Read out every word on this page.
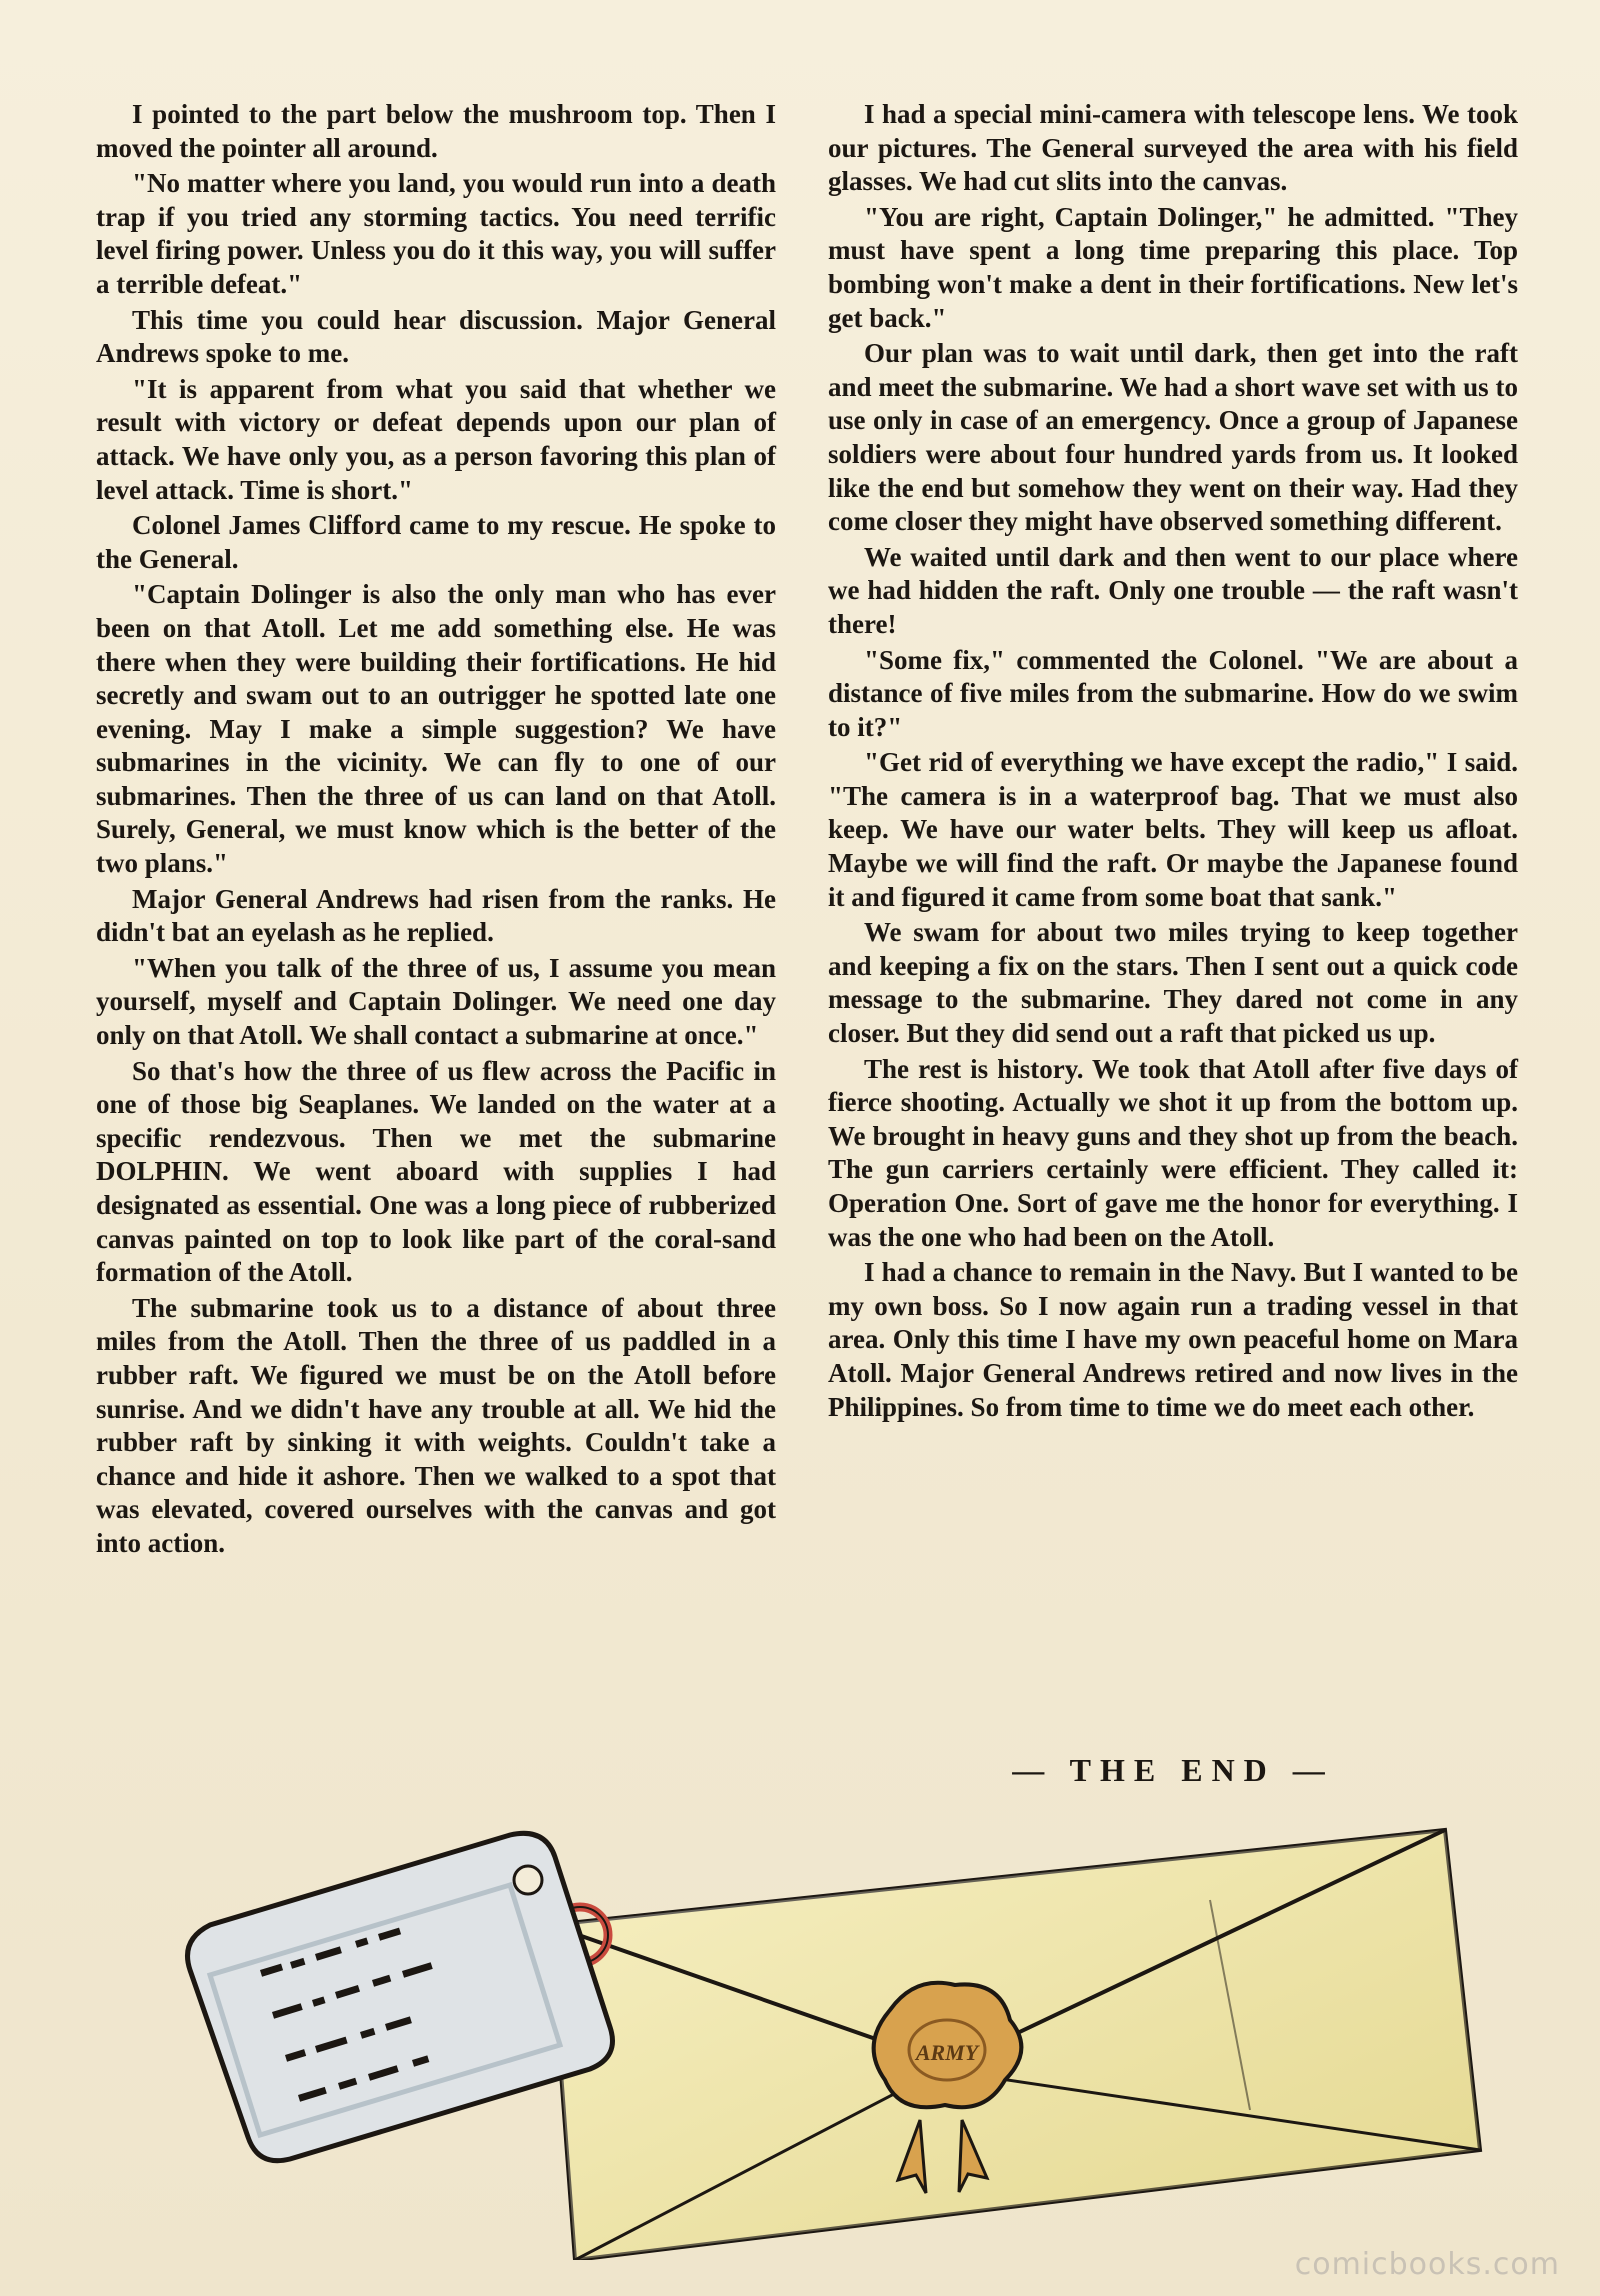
I pointed to the part below the mushroom top. Then I moved the pointer all around.

"No matter where you land, you would run into a death trap if you tried any storming tactics. You need terrific level firing power. Unless you do it this way, you will suffer a terrible defeat."

This time you could hear discussion. Major General Andrews spoke to me.

"It is apparent from what you said that whether we result with victory or defeat depends upon our plan of attack. We have only you, as a person favoring this plan of level attack. Time is short."

Colonel James Clifford came to my rescue. He spoke to the General.

"Captain Dolinger is also the only man who has ever been on that Atoll. Let me add something else. He was there when they were building their fortifications. He hid secretly and swam out to an outrigger he spotted late one evening. May I make a simple suggestion? We have submarines in the vicinity. We can fly to one of our submarines. Then the three of us can land on that Atoll. Surely, General, we must know which is the better of the two plans."

Major General Andrews had risen from the ranks. He didn't bat an eyelash as he replied.

"When you talk of the three of us, I assume you mean yourself, myself and Captain Dolinger. We need one day only on that Atoll. We shall contact a submarine at once."

So that's how the three of us flew across the Pacific in one of those big Seaplanes. We landed on the water at a specific rendezvous. Then we met the submarine DOLPHIN. We went aboard with supplies I had designated as essential. One was a long piece of rubberized canvas painted on top to look like part of the coral-sand formation of the Atoll.

The submarine took us to a distance of about three miles from the Atoll. Then the three of us paddled in a rubber raft. We figured we must be on the Atoll before sunrise. And we didn't have any trouble at all. We hid the rubber raft by sinking it with weights. Couldn't take a chance and hide it ashore. Then we walked to a spot that was elevated, covered ourselves with the canvas and got into action.

I had a special mini-camera with telescope lens. We took our pictures. The General surveyed the area with his field glasses. We had cut slits into the canvas.

"You are right, Captain Dolinger," he admitted. "They must have spent a long time preparing this place. Top bombing won't make a dent in their fortifications. New let's get back."

Our plan was to wait until dark, then get into the raft and meet the submarine. We had a short wave set with us to use only in case of an emergency. Once a group of Japanese soldiers were about four hundred yards from us. It looked like the end but somehow they went on their way. Had they come closer they might have observed something different.

We waited until dark and then went to our place where we had hidden the raft. Only one trouble — the raft wasn't there!

"Some fix," commented the Colonel. "We are about a distance of five miles from the submarine. How do we swim to it?"

"Get rid of everything we have except the radio," I said. "The camera is in a waterproof bag. That we must also keep. We have our water belts. They will keep us afloat. Maybe we will find the raft. Or maybe the Japanese found it and figured it came from some boat that sank."

We swam for about two miles trying to keep together and keeping a fix on the stars. Then I sent out a quick code message to the submarine. They dared not come in any closer. But they did send out a raft that picked us up.

The rest is history. We took that Atoll after five days of fierce shooting. Actually we shot it up from the bottom up. We brought in heavy guns and they shot up from the beach. The gun carriers certainly were efficient. They called it: Operation One. Sort of gave me the honor for everything. I was the one who had been on the Atoll.

I had a chance to remain in the Navy. But I wanted to be my own boss. So I now again run a trading vessel in that area. Only this time I have my own peaceful home on Mara Atoll. Major General Andrews retired and now lives in the Philippines. So from time to time we do meet each other.

— THE END —
ARMY
comicbooks.com
